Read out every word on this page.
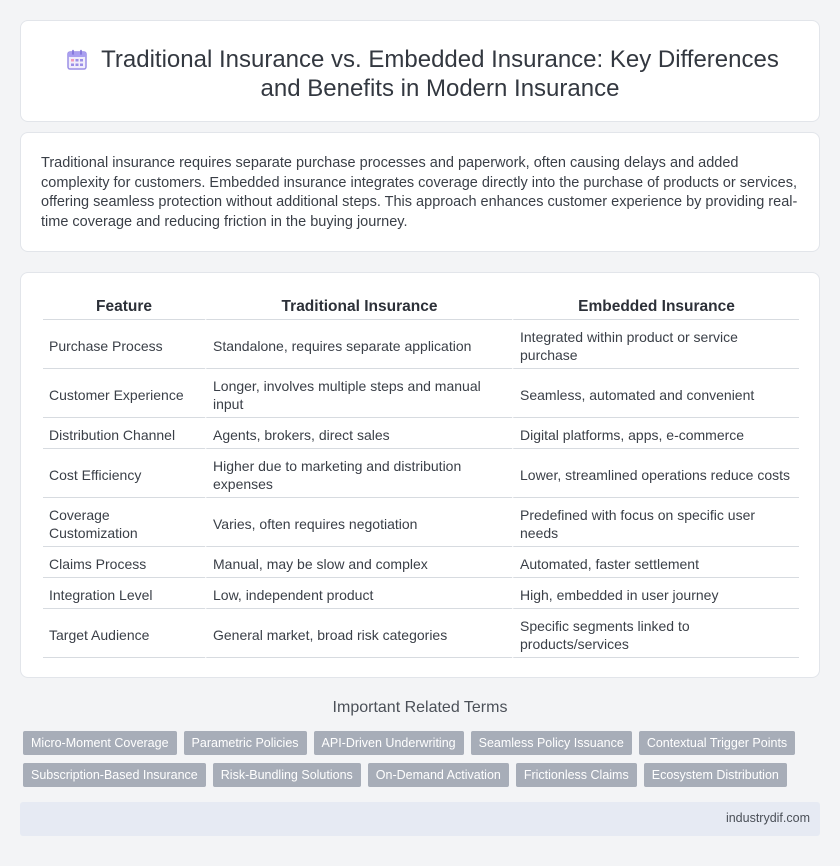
Traditional Insurance vs. Embedded Insurance: Key Differences and Benefits in Modern Insurance

Traditional insurance requires separate purchase processes and paperwork, often causing delays and added complexity for customers. Embedded insurance integrates coverage directly into the purchase of products or services, offering seamless protection without additional steps. This approach enhances customer experience by providing real-time coverage and reducing friction in the buying journey.

Feature	Traditional Insurance	Embedded Insurance
Purchase Process	Standalone, requires separate application	Integrated within product or service purchase
Customer Experience	Longer, involves multiple steps and manual input	Seamless, automated and convenient
Distribution Channel	Agents, brokers, direct sales	Digital platforms, apps, e-commerce
Cost Efficiency	Higher due to marketing and distribution expenses	Lower, streamlined operations reduce costs
Coverage Customization	Varies, often requires negotiation	Predefined with focus on specific user needs
Claims Process	Manual, may be slow and complex	Automated, faster settlement
Integration Level	Low, independent product	High, embedded in user journey
Target Audience	General market, broad risk categories	Specific segments linked to products/services
Important Related Terms
Micro-Moment Coverage	Parametric Policies	API-Driven Underwriting	Seamless Policy Issuance	Contextual Trigger Points
Subscription-Based Insurance	Risk-Bundling Solutions	On-Demand Activation	Frictionless Claims	Ecosystem Distribution
industrydif.com
